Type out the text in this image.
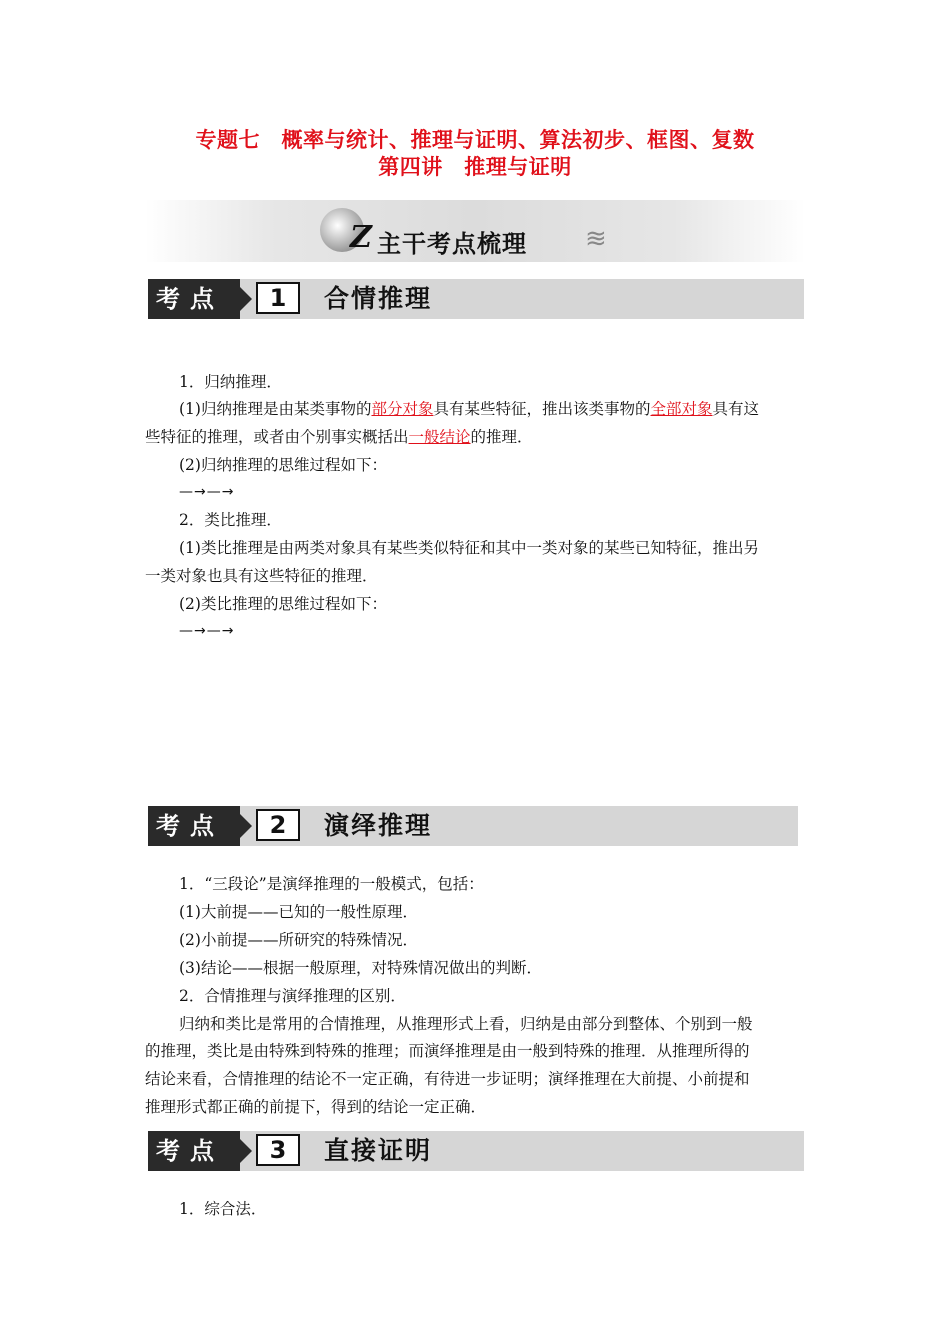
专题七　概率与统计、推理与证明、算法初步、框图、复数
第四讲　推理与证明
Z 主干考点梳理 ≋
考点	1	合情推理
1．归纳推理．
(1)归纳推理是由某类事物的部分对象具有某些特征，推出该类事物的全部对象具有这
些特征的推理，或者由个别事实概括出一般结论的推理．
(2)归纳推理的思维过程如下：
—→—→
2．类比推理．
(1)类比推理是由两类对象具有某些类似特征和其中一类对象的某些已知特征，推出另
一类对象也具有这些特征的推理．
(2)类比推理的思维过程如下：
—→—→
考点	2	演绎推理
1．“三段论”是演绎推理的一般模式，包括：
(1)大前提——已知的一般性原理．
(2)小前提——所研究的特殊情况．
(3)结论——根据一般原理，对特殊情况做出的判断．
2．合情推理与演绎推理的区别．
归纳和类比是常用的合情推理，从推理形式上看，归纳是由部分到整体、个别到一般
的推理，类比是由特殊到特殊的推理；而演绎推理是由一般到特殊的推理．从推理所得的
结论来看，合情推理的结论不一定正确，有待进一步证明；演绎推理在大前提、小前提和
推理形式都正确的前提下，得到的结论一定正确．
考点	3	直接证明
1．综合法．
